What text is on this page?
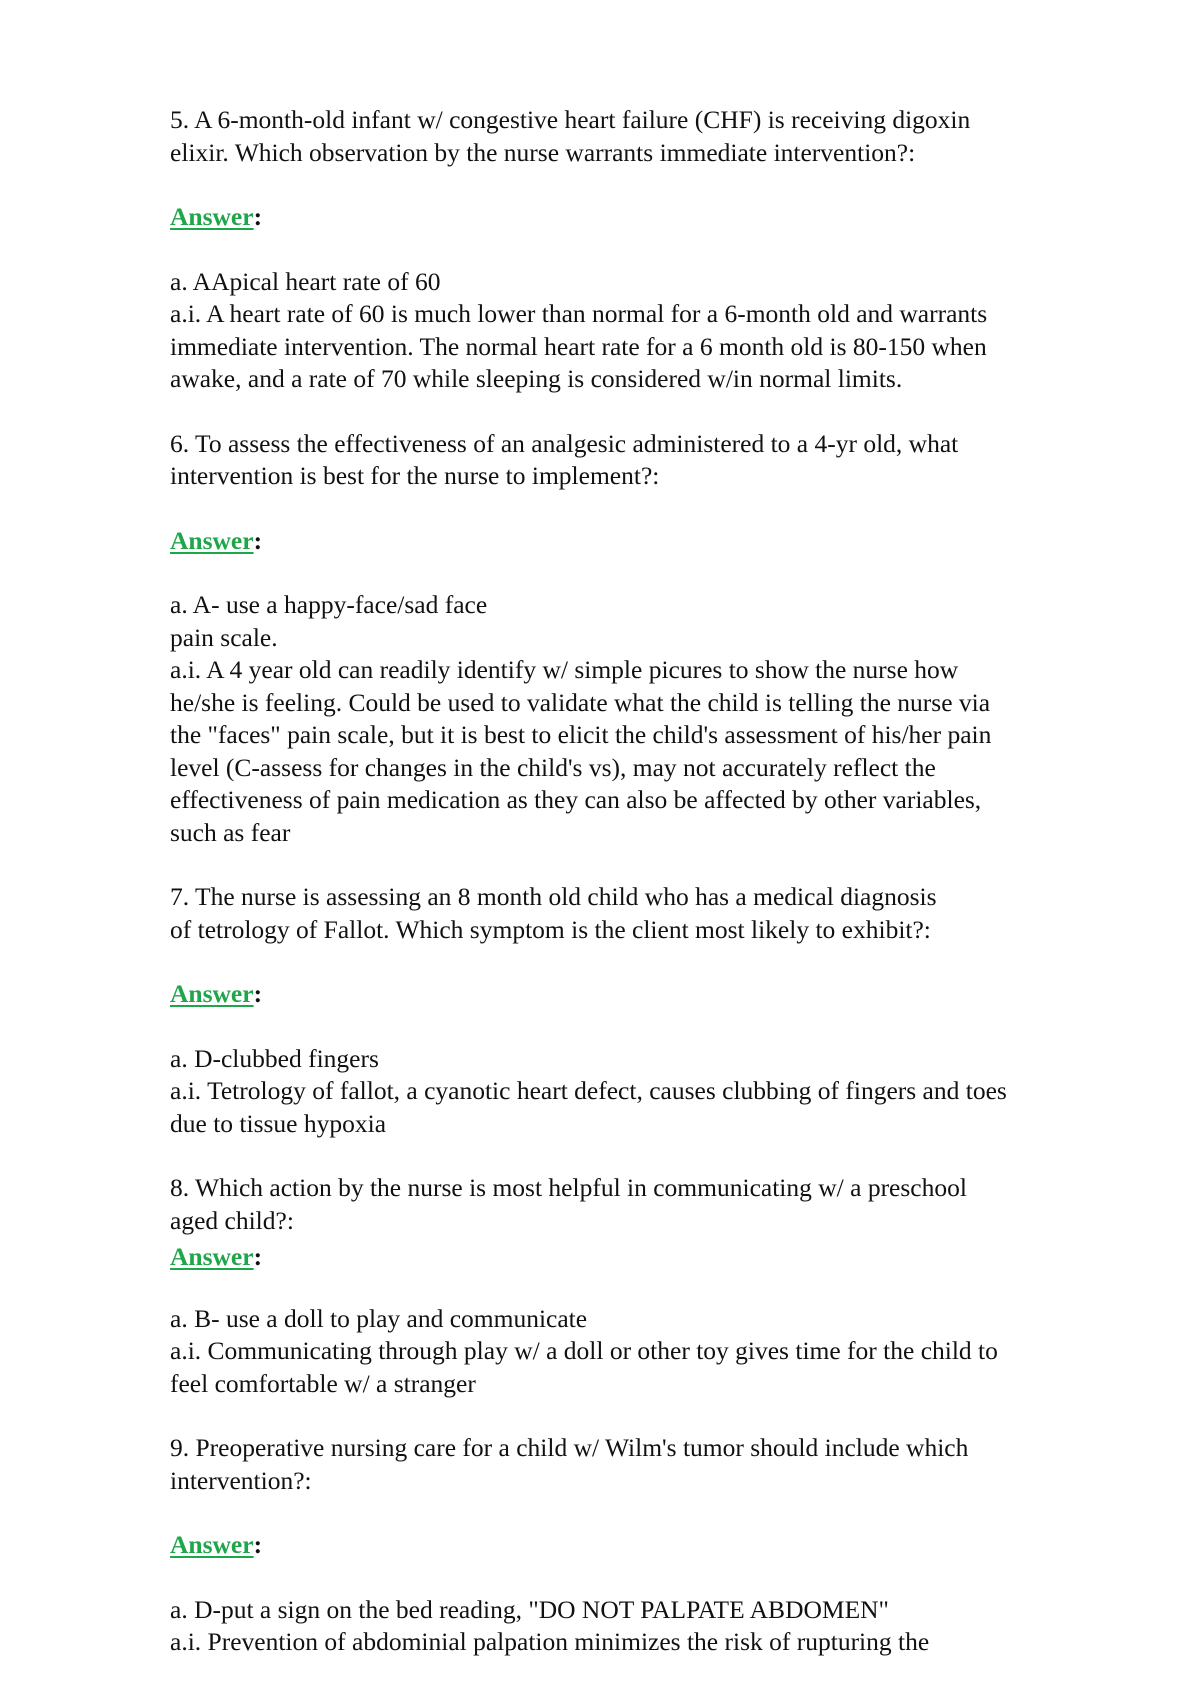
5. A 6-month-old infant w/ congestive heart failure (CHF) is receiving digoxin
elixir. Which observation by the nurse warrants immediate intervention?:
Answer:
a. AApical heart rate of 60
a.i. A heart rate of 60 is much lower than normal for a 6-month old and warrants
immediate intervention. The normal heart rate for a 6 month old is 80-150 when
awake, and a rate of 70 while sleeping is considered w/in normal limits.
6. To assess the effectiveness of an analgesic administered to a 4-yr old, what
intervention is best for the nurse to implement?:
Answer:
a. A- use a happy-face/sad face
pain scale.
a.i. A 4 year old can readily identify w/ simple picures to show the nurse how
he/she is feeling. Could be used to validate what the child is telling the nurse via
the "faces" pain scale, but it is best to elicit the child's assessment of his/her pain
level (C-assess for changes in the child's vs), may not accurately reflect the
effectiveness of pain medication as they can also be affected by other variables,
such as fear
7. The nurse is assessing an 8 month old child who has a medical diagnosis
of tetrology of Fallot. Which symptom is the client most likely to exhibit?:
Answer:
a. D-clubbed fingers
a.i. Tetrology of fallot, a cyanotic heart defect, causes clubbing of fingers and toes
due to tissue hypoxia
8. Which action by the nurse is most helpful in communicating w/ a preschool
aged child?:
Answer:
a. B- use a doll to play and communicate
a.i. Communicating through play w/ a doll or other toy gives time for the child to
feel comfortable w/ a stranger
9. Preoperative nursing care for a child w/ Wilm's tumor should include which
intervention?:
Answer:
a. D-put a sign on the bed reading, "DO NOT PALPATE ABDOMEN"
a.i. Prevention of abdominial palpation minimizes the risk of rupturing the
